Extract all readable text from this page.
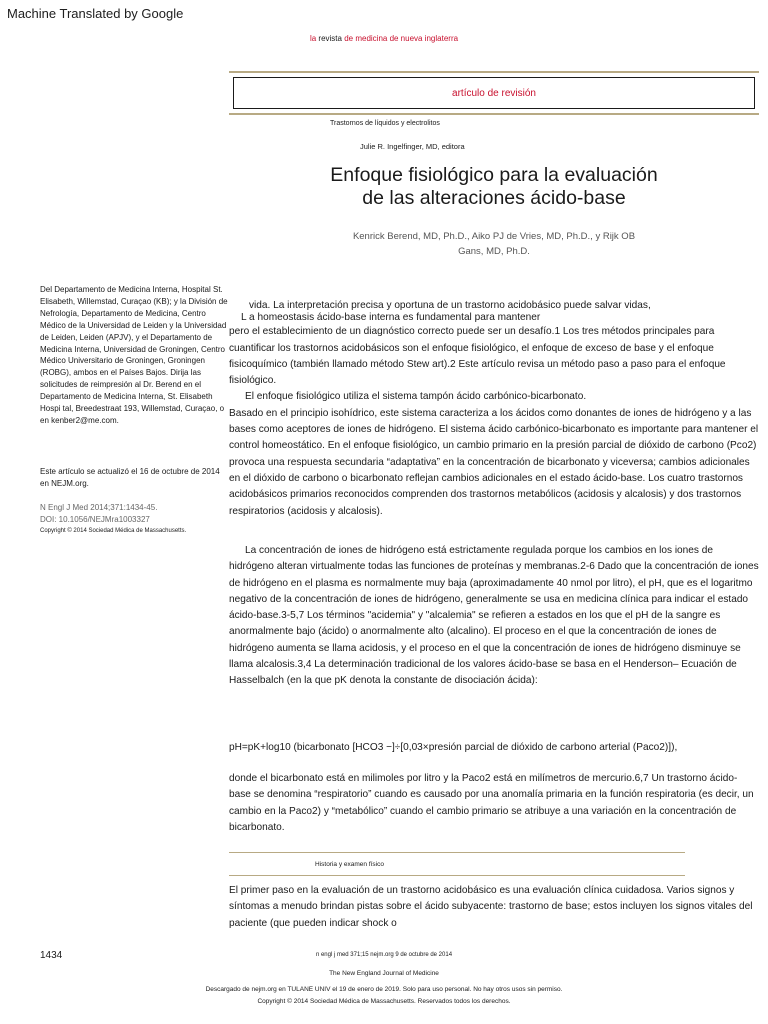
Machine Translated by Google
la revista de medicina de nueva inglaterra
artículo de revisión
Trastornos de líquidos y electrolitos
Julie R. Ingelfinger, MD, editora
Enfoque fisiológico para la evaluación
de las alteraciones ácido-base
Kenrick Berend, MD, Ph.D., Aiko PJ de Vries, MD, Ph.D., y Rijk OB
Gans, MD, Ph.D.

Del Departamento de Medicina Interna, Hospital St. Elisabeth, Willemstad, Curaçao (KB); y la División de Nefrología, Departamento de Medicina, Centro Médico de la Universidad de Leiden y la Universidad de Leiden, Leiden (APJV), y el Departamento de Medicina Interna, Universidad de Groningen, Centro Médico Universitario de Groningen, Groningen (ROBG), ambos en el Países Bajos. Dirija las solicitudes de reimpresión al Dr. Berend en el Departamento de Medicina Interna, St. Elisabeth Hospi tal, Breedestraat 193, Willemstad, Curaçao, o en kenber2@me.com.

Este artículo se actualizó el 16 de octubre de 2014 en NEJM.org.
N Engl J Med 2014;371:1434-45.
DOI: 10.1056/NEJMra1003327
Copyright © 2014 Sociedad Médica de Massachusetts.

vida. La interpretación precisa y oportuna de un trastorno acidobásico puede salvar vidas,

pero el establecimiento de un diagnóstico correcto puede ser un desafío.1 Los tres métodos principales para cuantificar los trastornos acidobásicos son el enfoque fisiológico, el enfoque de exceso de base y el enfoque fisicoquímico (también llamado método Stew art).2 Este artículo revisa un método paso a paso para el enfoque fisiológico.

El enfoque fisiológico utiliza el sistema tampón ácido carbónico-bicarbonato.

Basado en el principio isohídrico, este sistema caracteriza a los ácidos como donantes de iones de hidrógeno y a las bases como aceptores de iones de hidrógeno. El sistema ácido carbónico-bicarbonato es importante para mantener el control homeostático. En el enfoque fisiológico, un cambio primario en la presión parcial de dióxido de carbono (Pco2) provoca una respuesta secundaria “adaptativa” en la concentración de bicarbonato y viceversa; cambios adicionales en el dióxido de carbono o bicarbonato reflejan cambios adicionales en el estado ácido-base. Los cuatro trastornos acidobásicos primarios reconocidos comprenden dos trastornos metabólicos (acidosis y alcalosis) y dos trastornos respiratorios (acidosis y alcalosis).

L a homeostasis ácido-base interna es fundamental para mantener

La concentración de iones de hidrógeno está estrictamente regulada porque los cambios en los iones de hidrógeno alteran virtualmente todas las funciones de proteínas y membranas.2-6 Dado que la concentración de iones de hidrógeno en el plasma es normalmente muy baja (aproximadamente 40 nmol por litro), el pH, que es el logaritmo negativo de la concentración de iones de hidrógeno, generalmente se usa en medicina clínica para indicar el estado ácido-base.3-5,7 Los términos "acidemia" y "alcalemia" se refieren a estados en los que el pH de la sangre es anormalmente bajo (ácido) o anormalmente alto (alcalino). El proceso en el que la concentración de iones de hidrógeno aumenta se llama acidosis, y el proceso en el que la concentración de iones de hidrógeno disminuye se llama alcalosis.3,4 La determinación tradicional de los valores ácido-base se basa en el Henderson– Ecuación de Hasselbalch (en la que pK denota la constante de disociación ácida):

pH=pK+log10 (bicarbonato [HCO3 −]÷[0,03×presión parcial de dióxido de carbono arterial (Paco2)]),

donde el bicarbonato está en milimoles por litro y la Paco2 está en milímetros de mercurio.6,7 Un trastorno ácido-base se denomina “respiratorio” cuando es causado por una anomalía primaria en la función respiratoria (es decir, un cambio en la Paco2) y “metabólico” cuando el cambio primario se atribuye a una variación en la concentración de bicarbonato.

Historia y examen físico

El primer paso en la evaluación de un trastorno acidobásico es una evaluación clínica cuidadosa. Varios signos y síntomas a menudo brindan pistas sobre el ácido subyacente: trastorno de base; estos incluyen los signos vitales del paciente (que pueden indicar shock o

1434	n engl j med 371;15 nejm.org 9 de octubre de 2014
The New England Journal of Medicine
Descargado de nejm.org en TULANE UNIV el 19 de enero de 2019. Solo para uso personal. No hay otros usos sin permiso.
Copyright © 2014 Sociedad Médica de Massachusetts. Reservados todos los derechos.
